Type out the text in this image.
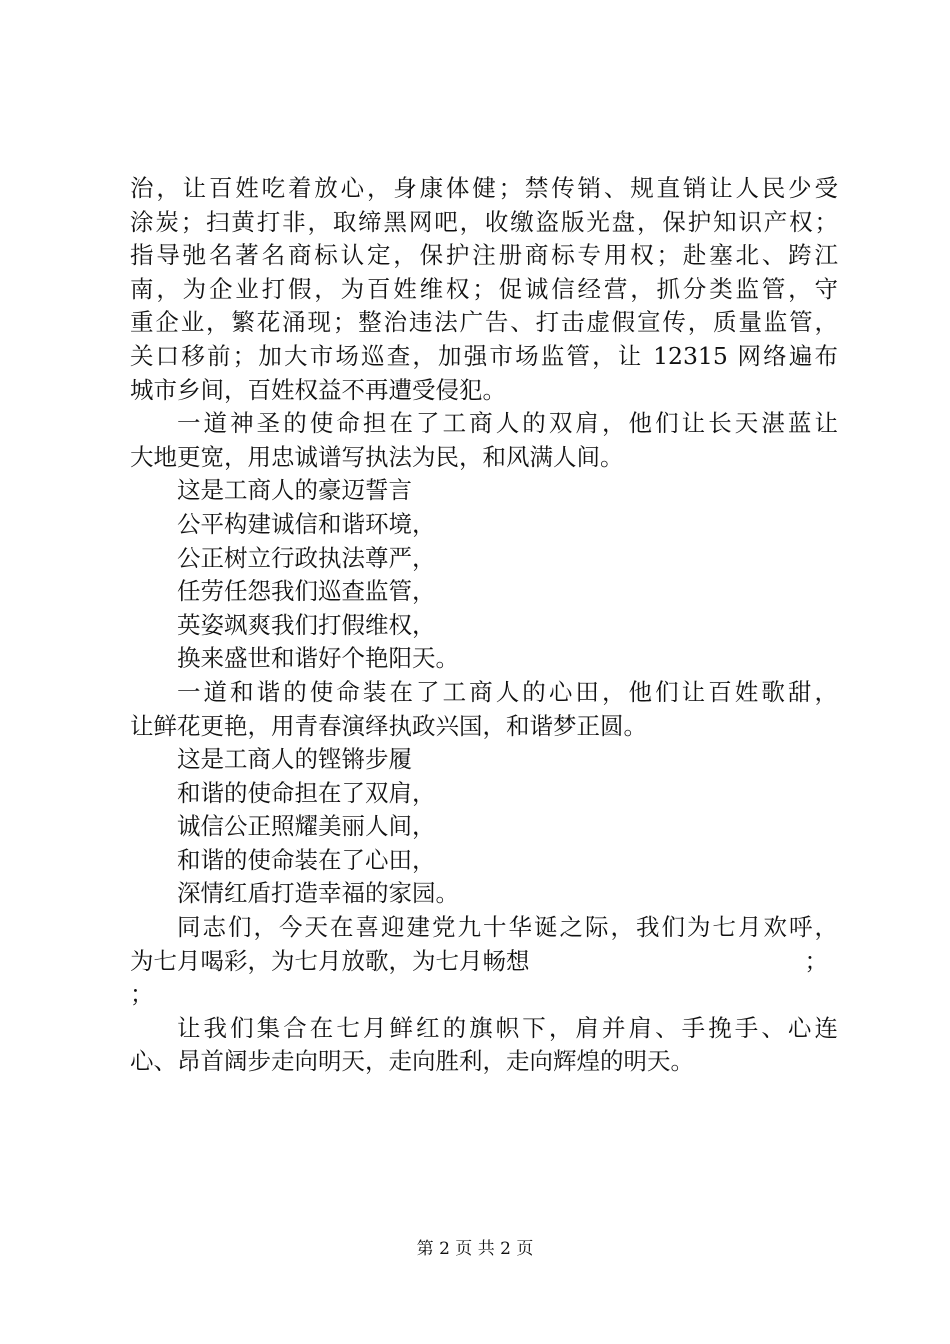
治，让百姓吃着放心，身康体健；禁传销、规直销让人民少受
涂炭；扫黄打非，取缔黑网吧，收缴盗版光盘，保护知识产权；
指导弛名著名商标认定，保护注册商标专用权；赴塞北、跨江
南，为企业打假，为百姓维权；促诚信经营，抓分类监管，守
重企业，繁花涌现；整治违法广告、打击虚假宣传，质量监管，
关口移前；加大市场巡查，加强市场监管，让 12315 网络遍布
城市乡间，百姓权益不再遭受侵犯。
一道神圣的使命担在了工商人的双肩，他们让长天湛蓝让
大地更宽，用忠诚谱写执法为民，和风满人间。
这是工商人的豪迈誓言
公平构建诚信和谐环境，
公正树立行政执法尊严，
任劳任怨我们巡查监管，
英姿飒爽我们打假维权，
换来盛世和谐好个艳阳天。
一道和谐的使命装在了工商人的心田，他们让百姓歌甜，
让鲜花更艳，用青春演绎执政兴国，和谐梦正圆。
这是工商人的铿锵步履
和谐的使命担在了双肩，
诚信公正照耀美丽人间，
和谐的使命装在了心田，
深情红盾打造幸福的家园。
同志们，今天在喜迎建党九十华诞之际，我们为七月欢呼，
为七月喝彩，为七月放歌，为七月畅想	；
；
让我们集合在七月鲜红的旗帜下，肩并肩、手挽手、心连
心、昂首阔步走向明天，走向胜利，走向辉煌的明天。
第 2 页 共 2 页
